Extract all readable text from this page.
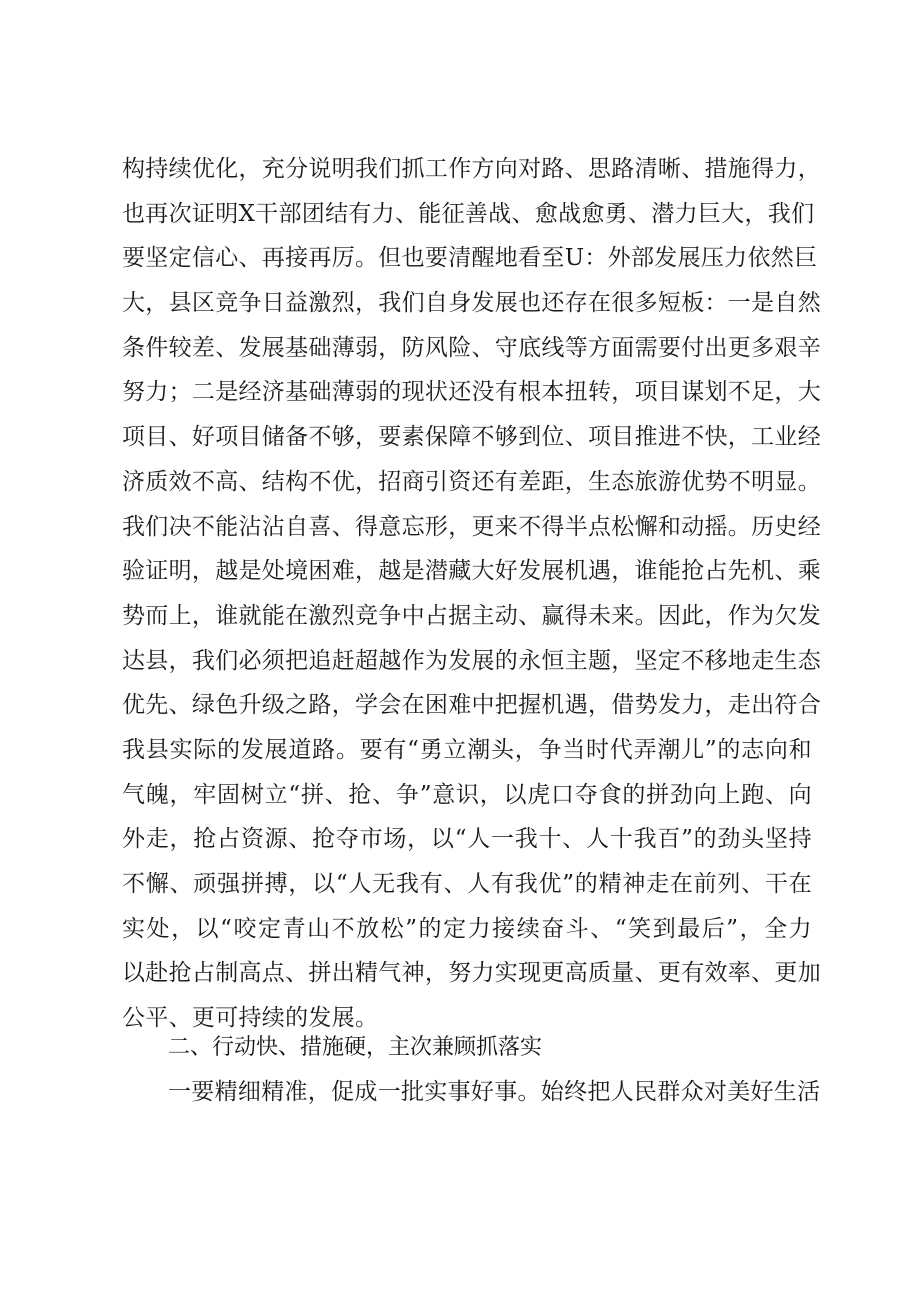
构持续优化，充分说明我们抓工作方向对路、思路清晰、措施得力，
也再次证明X干部团结有力、能征善战、愈战愈勇、潜力巨大，我们
要坚定信心、再接再厉。但也要清醒地看至U：外部发展压力依然巨
大，县区竞争日益激烈，我们自身发展也还存在很多短板：一是自然
条件较差、发展基础薄弱，防风险、守底线等方面需要付出更多艰辛
努力；二是经济基础薄弱的现状还没有根本扭转，项目谋划不足，大
项目、好项目储备不够，要素保障不够到位、项目推进不快，工业经
济质效不高、结构不优，招商引资还有差距，生态旅游优势不明显。
我们决不能沾沾自喜、得意忘形，更来不得半点松懈和动摇。历史经
验证明，越是处境困难，越是潜藏大好发展机遇，谁能抢占先机、乘
势而上，谁就能在激烈竞争中占据主动、赢得未来。因此，作为欠发
达县，我们必须把追赶超越作为发展的永恒主题，坚定不移地走生态
优先、绿色升级之路，学会在困难中把握机遇，借势发力，走出符合
我县实际的发展道路。要有“勇立潮头，争当时代弄潮儿”的志向和
气魄，牢固树立“拼、抢、争”意识，以虎口夺食的拼劲向上跑、向
外走，抢占资源、抢夺市场，以“人一我十、人十我百”的劲头坚持
不懈、顽强拼搏，以“人无我有、人有我优”的精神走在前列、干在
实处，以“咬定青山不放松”的定力接续奋斗、“笑到最后”，全力
以赴抢占制高点、拼出精气神，努力实现更高质量、更有效率、更加
公平、更可持续的发展。
二、行动快、措施硬，主次兼顾抓落实
一要精细精准，促成一批实事好事。始终把人民群众对美好生活
